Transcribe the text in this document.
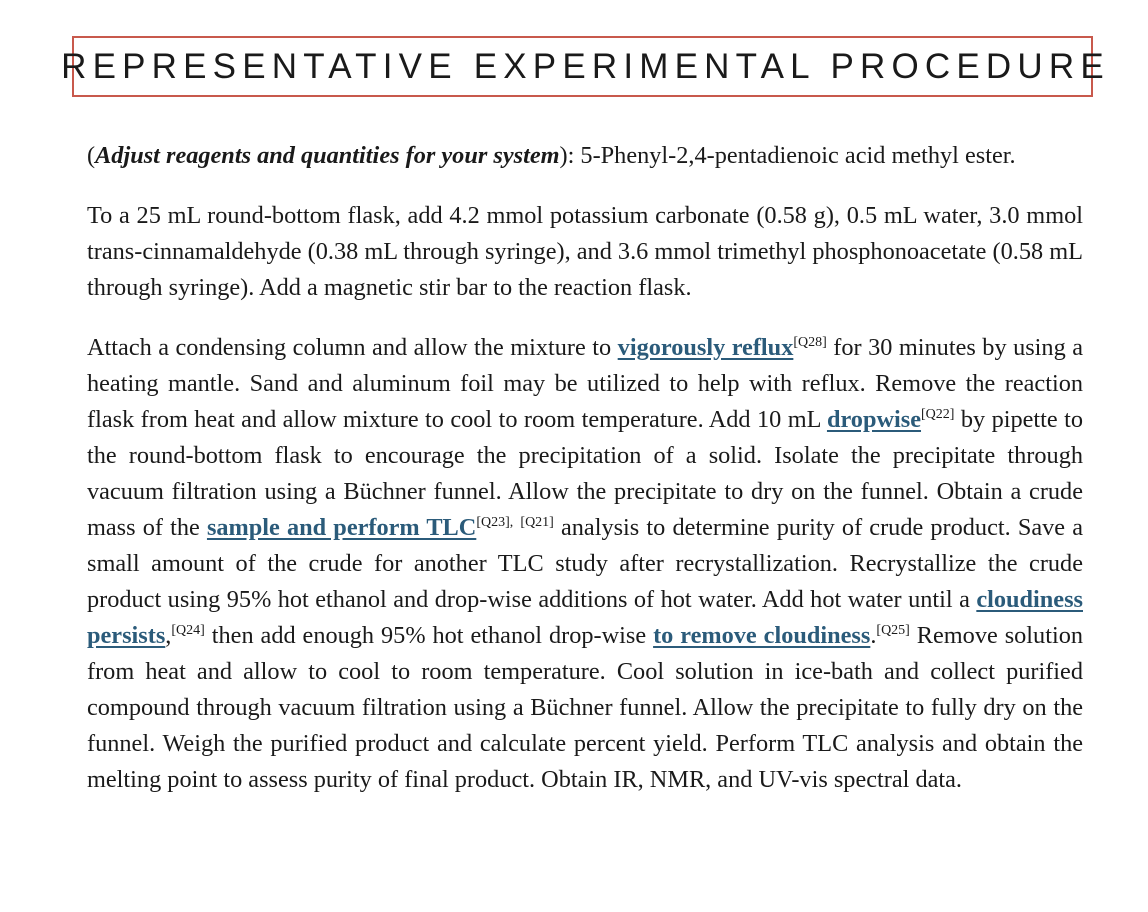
REPRESENTATIVE EXPERIMENTAL PROCEDURE

(Adjust reagents and quantities for your system): 5-Phenyl-2,4-pentadienoic acid methyl ester.

To a 25 mL round-bottom flask, add 4.2 mmol potassium carbonate (0.58 g), 0.5 mL water, 3.0 mmol trans-cinnamaldehyde (0.38 mL through syringe), and 3.6 mmol trimethyl phosphonoacetate (0.58 mL through syringe). Add a magnetic stir bar to the reaction flask.

Attach a condensing column and allow the mixture to vigorously reflux[Q28] for 30 minutes by using a heating mantle. Sand and aluminum foil may be utilized to help with reflux. Remove the reaction flask from heat and allow mixture to cool to room temperature. Add 10 mL dropwise[Q22] by pipette to the round-bottom flask to encourage the precipitation of a solid. Isolate the precipitate through vacuum filtration using a Büchner funnel. Allow the precipitate to dry on the funnel. Obtain a crude mass of the sample and perform $TLC^{[Q23],}$ [Q21] analysis to determine purity of crude product. Save a small amount of the crude for another TLC study after recrystallization. Recrystallize the crude product using 95% hot ethanol and drop-wise additions of hot water. Add hot water until a cloudiness persists,[Q24] then add enough 95% hot ethanol drop-wise to remove cloudiness.[Q25] Remove solution from heat and allow to cool to room temperature. Cool solution in ice-bath and collect purified compound through vacuum filtration using a Büchner funnel. Allow the precipitate to fully dry on the funnel. Weigh the purified product and calculate percent yield. Perform TLC analysis and obtain the melting point to assess purity of final product. Obtain IR, NMR, and UV-vis spectral data.
